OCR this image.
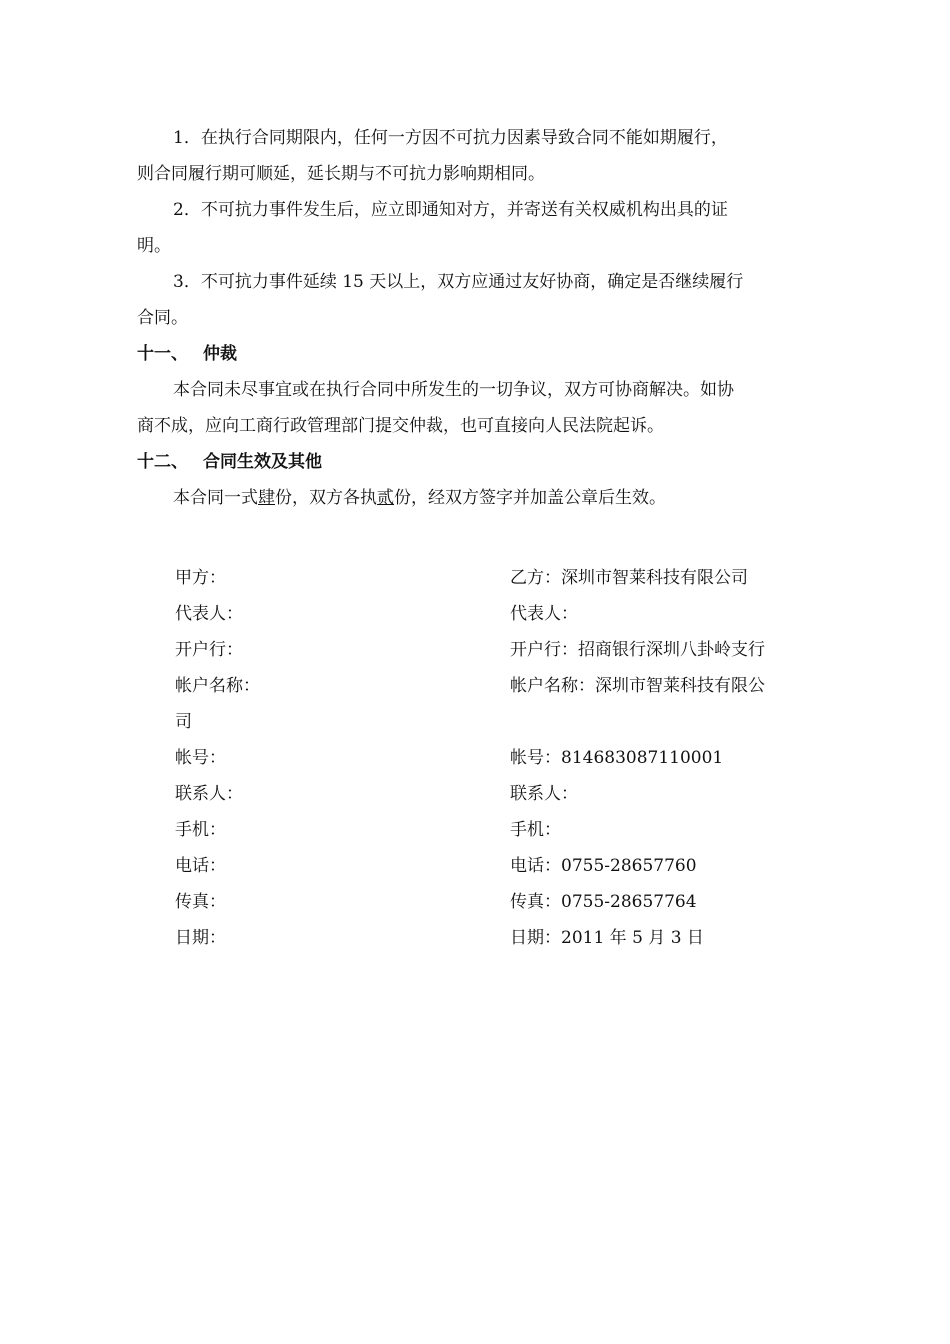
1．在执行合同期限内，任何一方因不可抗力因素导致合同不能如期履行，
则合同履行期可顺延，延长期与不可抗力影响期相同。
2．不可抗力事件发生后，应立即通知对方，并寄送有关权威机构出具的证
明。
3．不可抗力事件延续 15 天以上，双方应通过友好协商，确定是否继续履行
合同。
十一、 仲裁
本合同未尽事宜或在执行合同中所发生的一切争议，双方可协商解决。如协
商不成，应向工商行政管理部门提交仲裁，也可直接向人民法院起诉。
十二、 合同生效及其他
本合同一式肆份，双方各执贰份，经双方签字并加盖公章后生效。
甲方：	乙方：深圳市智莱科技有限公司
代表人：	代表人：
开户行：	开户行：招商银行深圳八卦岭支行
帐户名称：	帐户名称：深圳市智莱科技有限公
司
帐号：	帐号：814683087110001
联系人：	联系人：
手机：	手机：
电话：	电话：0755-28657760
传真：	传真：0755-28657764
日期：	日期：2011 年 5 月 3 日
